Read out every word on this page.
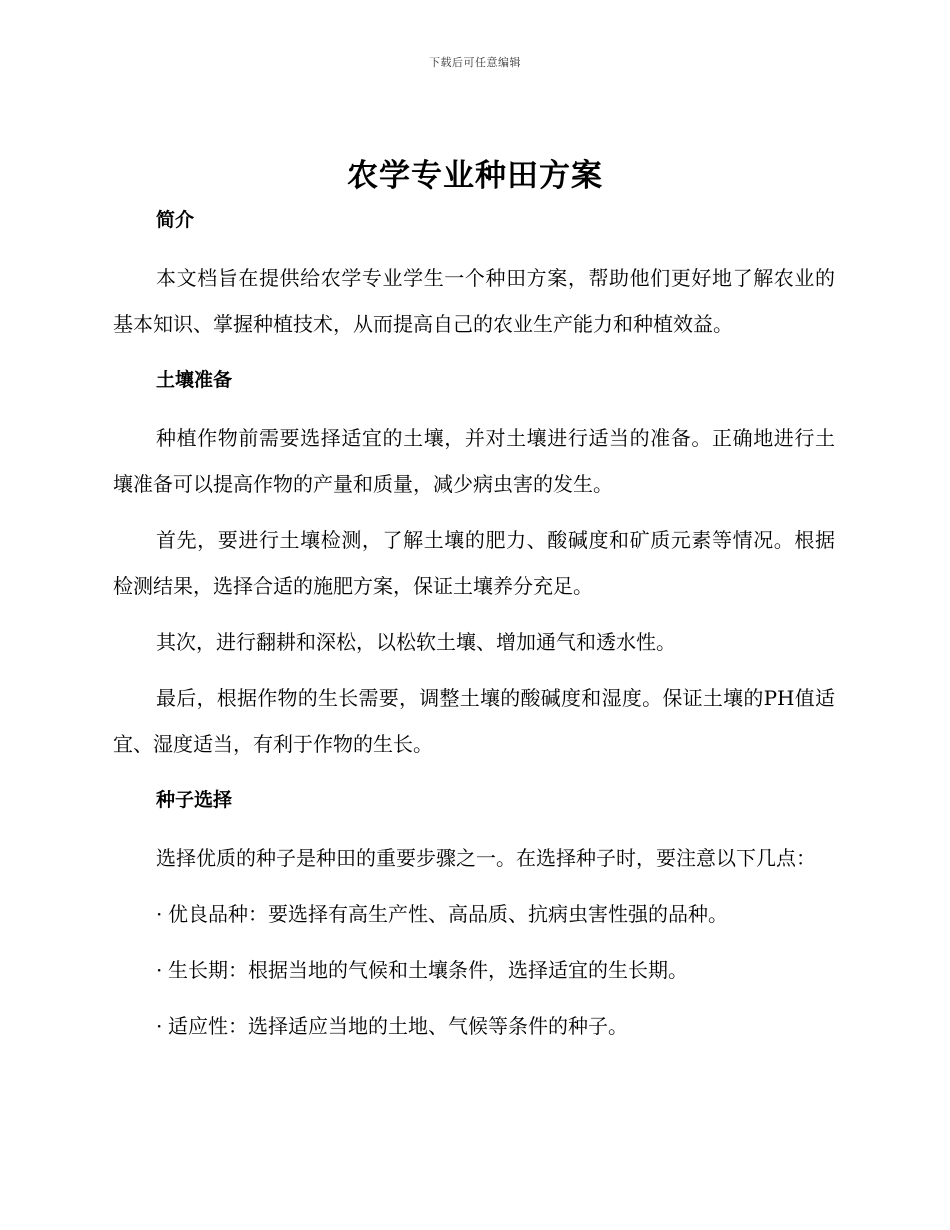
下载后可任意编辑
农学专业种田方案
简介

本文档旨在提供给农学专业学生一个种田方案，帮助他们更好地了解农业的基本知识、掌握种植技术，从而提高自己的农业生产能力和种植效益。

土壤准备

种植作物前需要选择适宜的土壤，并对土壤进行适当的准备。正确地进行土壤准备可以提高作物的产量和质量，减少病虫害的发生。

首先，要进行土壤检测，了解土壤的肥力、酸碱度和矿质元素等情况。根据检测结果，选择合适的施肥方案，保证土壤养分充足。

其次，进行翻耕和深松，以松软土壤、增加通气和透水性。

最后，根据作物的生长需要，调整土壤的酸碱度和湿度。保证土壤的PH值适宜、湿度适当，有利于作物的生长。

种子选择

选择优质的种子是种田的重要步骤之一。在选择种子时，要注意以下几点：

· 优良品种：要选择有高生产性、高品质、抗病虫害性强的品种。
· 生长期：根据当地的气候和土壤条件，选择适宜的生长期。
· 适应性：选择适应当地的土地、气候等条件的种子。
